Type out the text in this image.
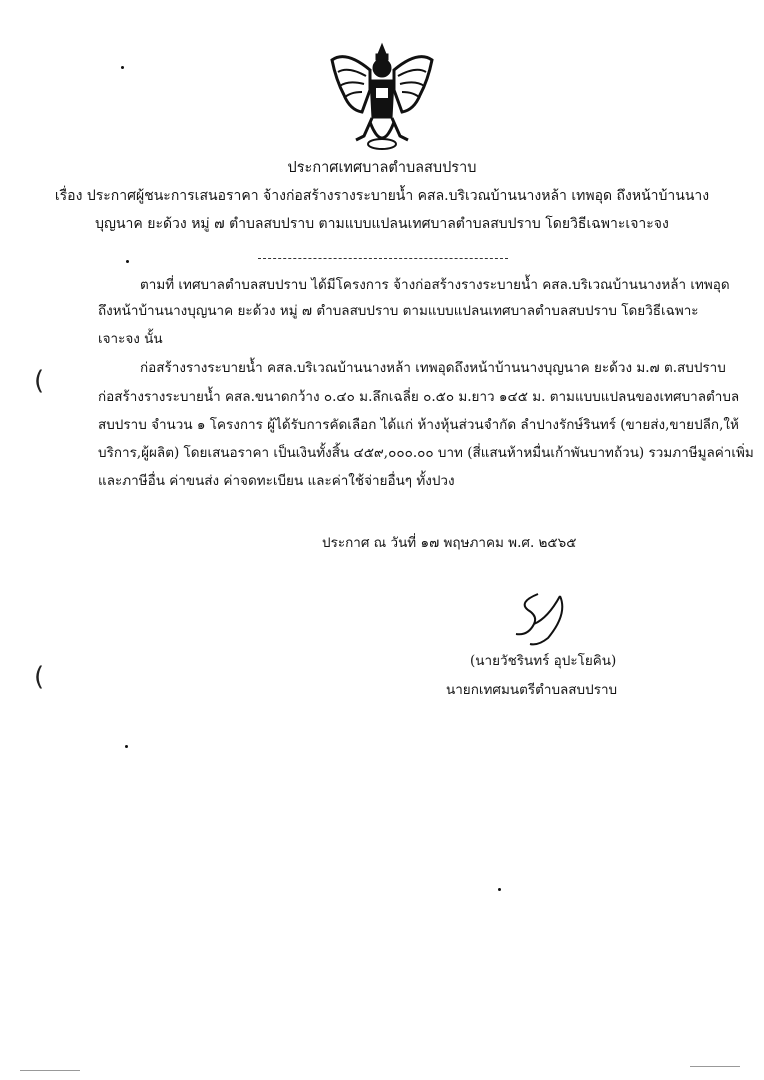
ประกาศเทศบาลตำบลสบปราบ
เรื่อง ประกาศผู้ชนะการเสนอราคา จ้างก่อสร้างรางระบายน้ำ คสล.บริเวณบ้านนางหล้า เทพอุด ถึงหน้าบ้านนาง
บุญนาค ยะด้วง หมู่ ๗ ตำบลสบปราบ ตามแบบแปลนเทศบาลตำบลสบปราบ โดยวิธีเฉพาะเจาะจง
ตามที่ เทศบาลตำบลสบปราบ ได้มีโครงการ จ้างก่อสร้างรางระบายน้ำ คสล.บริเวณบ้านนางหล้า เทพอุด
ถึงหน้าบ้านนางบุญนาค ยะด้วง หมู่ ๗ ตำบลสบปราบ ตามแบบแปลนเทศบาลตำบลสบปราบ โดยวิธีเฉพาะ
เจาะจง นั้น
ก่อสร้างรางระบายน้ำ คสล.บริเวณบ้านนางหล้า เทพอุดถึงหน้าบ้านนางบุญนาค ยะด้วง ม.๗ ต.สบปราบ
ก่อสร้างรางระบายน้ำ คสล.ขนาดกว้าง ๐.๔๐ ม.ลึกเฉลี่ย ๐.๕๐ ม.ยาว ๑๔๕ ม. ตามแบบแปลนของเทศบาลตำบล
สบปราบ จำนวน ๑ โครงการ ผู้ได้รับการคัดเลือก ได้แก่ ห้างหุ้นส่วนจำกัด ลำปางรักษ์รินทร์ (ขายส่ง,ขายปลีก,ให้
บริการ,ผู้ผลิต) โดยเสนอราคา เป็นเงินทั้งสิ้น ๔๕๙,๐๐๐.๐๐ บาท (สี่แสนห้าหมื่นเก้าพันบาทถ้วน) รวมภาษีมูลค่าเพิ่ม
และภาษีอื่น ค่าขนส่ง ค่าจดทะเบียน และค่าใช้จ่ายอื่นๆ ทั้งปวง
ประกาศ ณ วันที่ ๑๗ พฤษภาคม พ.ศ. ๒๕๖๕
(นายวัชรินทร์ อุปะโยคิน)
นายกเทศมนตรีตำบลสบปราบ
(
(
